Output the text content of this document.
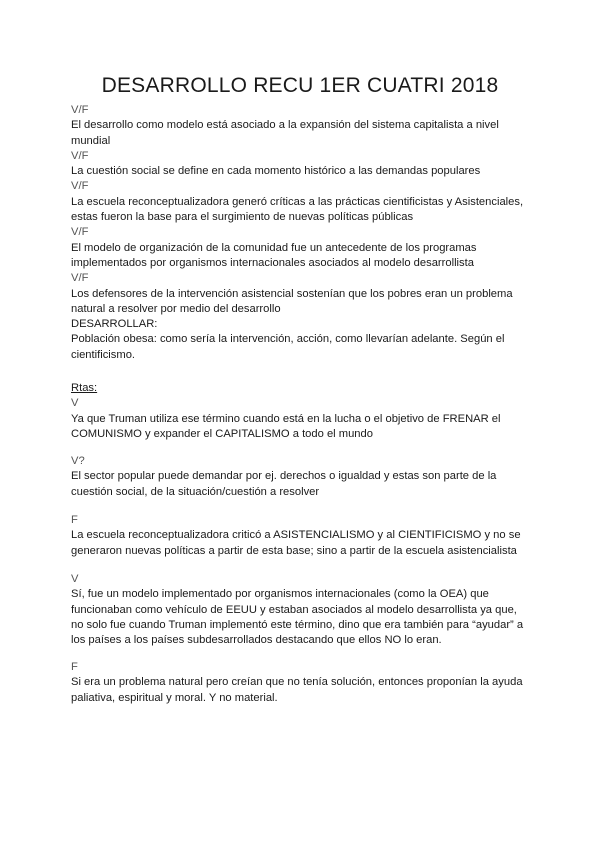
DESARROLLO RECU 1ER CUATRI 2018
V/F
El desarrollo como modelo está asociado a la expansión del sistema capitalista a nivel
mundial
V/F
La cuestión social se define en cada momento histórico a las demandas populares
V/F
La escuela reconceptualizadora generó críticas a las prácticas cientificistas y Asistenciales,
estas fueron la base para el surgimiento de nuevas políticas públicas
V/F
El modelo de organización de la comunidad fue un antecedente de los programas
implementados por organismos internacionales asociados al modelo desarrollista
V/F
Los defensores de la intervención asistencial sostenían que los pobres eran un problema
natural a resolver por medio del desarrollo
DESARROLLAR:
Población obesa: como sería la intervención, acción, como llevarían adelante. Según el
cientificismo.
Rtas:
V
Ya que Truman utiliza ese término cuando está en la lucha o el objetivo de FRENAR el
COMUNISMO y expander el CAPITALISMO a todo el mundo
V?
El sector popular puede demandar por ej. derechos o igualdad y estas son parte de la
cuestión social, de la situación/cuestión a resolver
F
La escuela reconceptualizadora criticó a ASISTENCIALISMO y al CIENTIFICISMO y no se
generaron nuevas políticas a partir de esta base; sino a partir de la escuela asistencialista
V
Sí, fue un modelo implementado por organismos internacionales (como la OEA) que
funcionaban como vehículo de EEUU y estaban asociados al modelo desarrollista ya que,
no solo fue cuando Truman implementó este término, dino que era también para “ayudar” a
los países a los países subdesarrollados destacando que ellos NO lo eran.
F
Si era un problema natural pero creían que no tenía solución, entonces proponían la ayuda
paliativa, espiritual y moral. Y no material.
